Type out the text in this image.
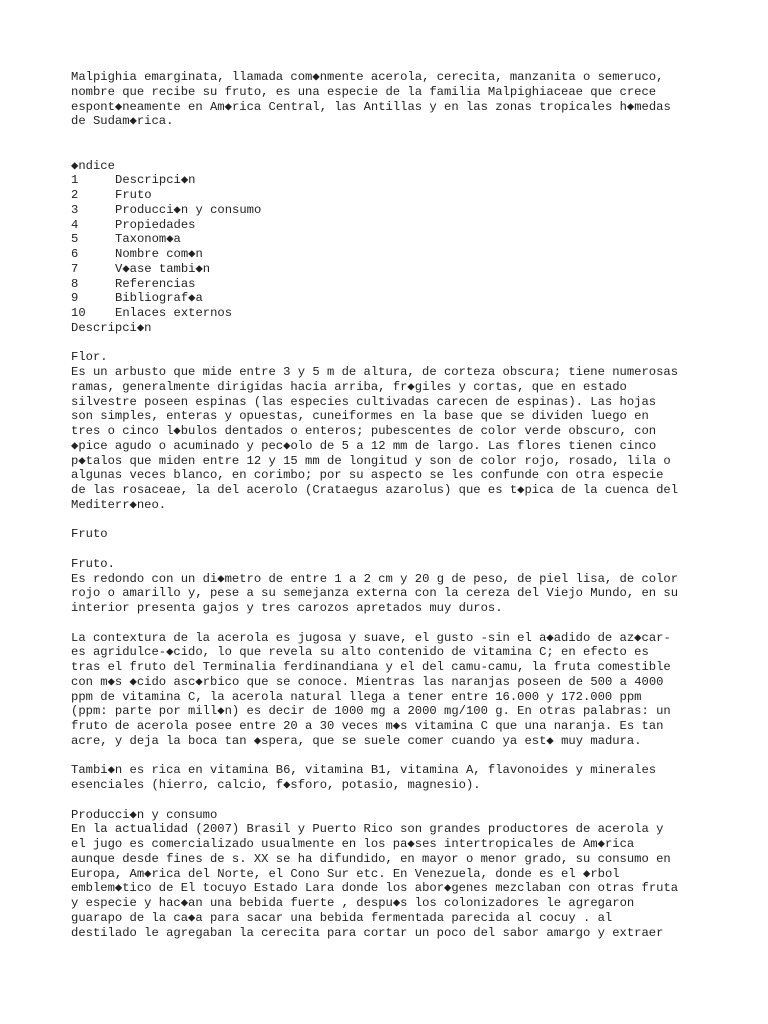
Malpighia emarginata, llamada com◆nmente acerola, cerecita, manzanita o semeruco,
nombre que recibe su fruto, es una especie de la familia Malpighiaceae que crece
espont◆neamente en Am◆rica Central, las Antillas y en las zonas tropicales h◆medas
de Sudam◆rica.
◆ndice
1	Descripci◆n
2	Fruto
3	Producci◆n y consumo
4	Propiedades
5	Taxonom◆a
6	Nombre com◆n
7	V◆ase tambi◆n
8	Referencias
9	Bibliograf◆a
10	Enlaces externos
Descripci◆n
Flor.
Es un arbusto que mide entre 3 y 5 m de altura, de corteza obscura; tiene numerosas
ramas, generalmente dirigidas hacia arriba, fr◆giles y cortas, que en estado
silvestre poseen espinas (las especies cultivadas carecen de espinas). Las hojas
son simples, enteras y opuestas, cuneiformes en la base que se dividen luego en
tres o cinco l◆bulos dentados o enteros; pubescentes de color verde obscuro, con
◆pice agudo o acuminado y pec◆olo de 5 a 12 mm de largo. Las flores tienen cinco
p◆talos que miden entre 12 y 15 mm de longitud y son de color rojo, rosado, lila o
algunas veces blanco, en corimbo; por su aspecto se les confunde con otra especie
de las rosaceae, la del acerolo (Crataegus azarolus) que es t◆pica de la cuenca del
Mediterr◆neo.
Fruto
Fruto.
Es redondo con un di◆metro de entre 1 a 2 cm y 20 g de peso, de piel lisa, de color
rojo o amarillo y, pese a su semejanza externa con la cereza del Viejo Mundo, en su
interior presenta gajos y tres carozos apretados muy duros.
La contextura de la acerola es jugosa y suave, el gusto -sin el a◆adido de az◆car-
es agridulce-◆cido, lo que revela su alto contenido de vitamina C; en efecto es
tras el fruto del Terminalia ferdinandiana y el del camu-camu, la fruta comestible
con m◆s ◆cido asc◆rbico que se conoce. Mientras las naranjas poseen de 500 a 4000
ppm de vitamina C, la acerola natural llega a tener entre 16.000 y 172.000 ppm
(ppm: parte por mill◆n) es decir de 1000 mg a 2000 mg/100 g. En otras palabras: un
fruto de acerola posee entre 20 a 30 veces m◆s vitamina C que una naranja. Es tan
acre, y deja la boca tan ◆spera, que se suele comer cuando ya est◆ muy madura.
Tambi◆n es rica en vitamina B6, vitamina B1, vitamina A, flavonoides y minerales
esenciales (hierro, calcio, f◆sforo, potasio, magnesio).
Producci◆n y consumo
En la actualidad (2007) Brasil y Puerto Rico son grandes productores de acerola y
el jugo es comercializado usualmente en los pa◆ses intertropicales de Am◆rica
aunque desde fines de s. XX se ha difundido, en mayor o menor grado, su consumo en
Europa, Am◆rica del Norte, el Cono Sur etc. En Venezuela, donde es el ◆rbol
emblem◆tico de El tocuyo Estado Lara donde los abor◆genes mezclaban con otras fruta
y especie y hac◆an una bebida fuerte , despu◆s los colonizadores le agregaron
guarapo de la ca◆a para sacar una bebida fermentada parecida al cocuy . al
destilado le agregaban la cerecita para cortar un poco del sabor amargo y extraer
